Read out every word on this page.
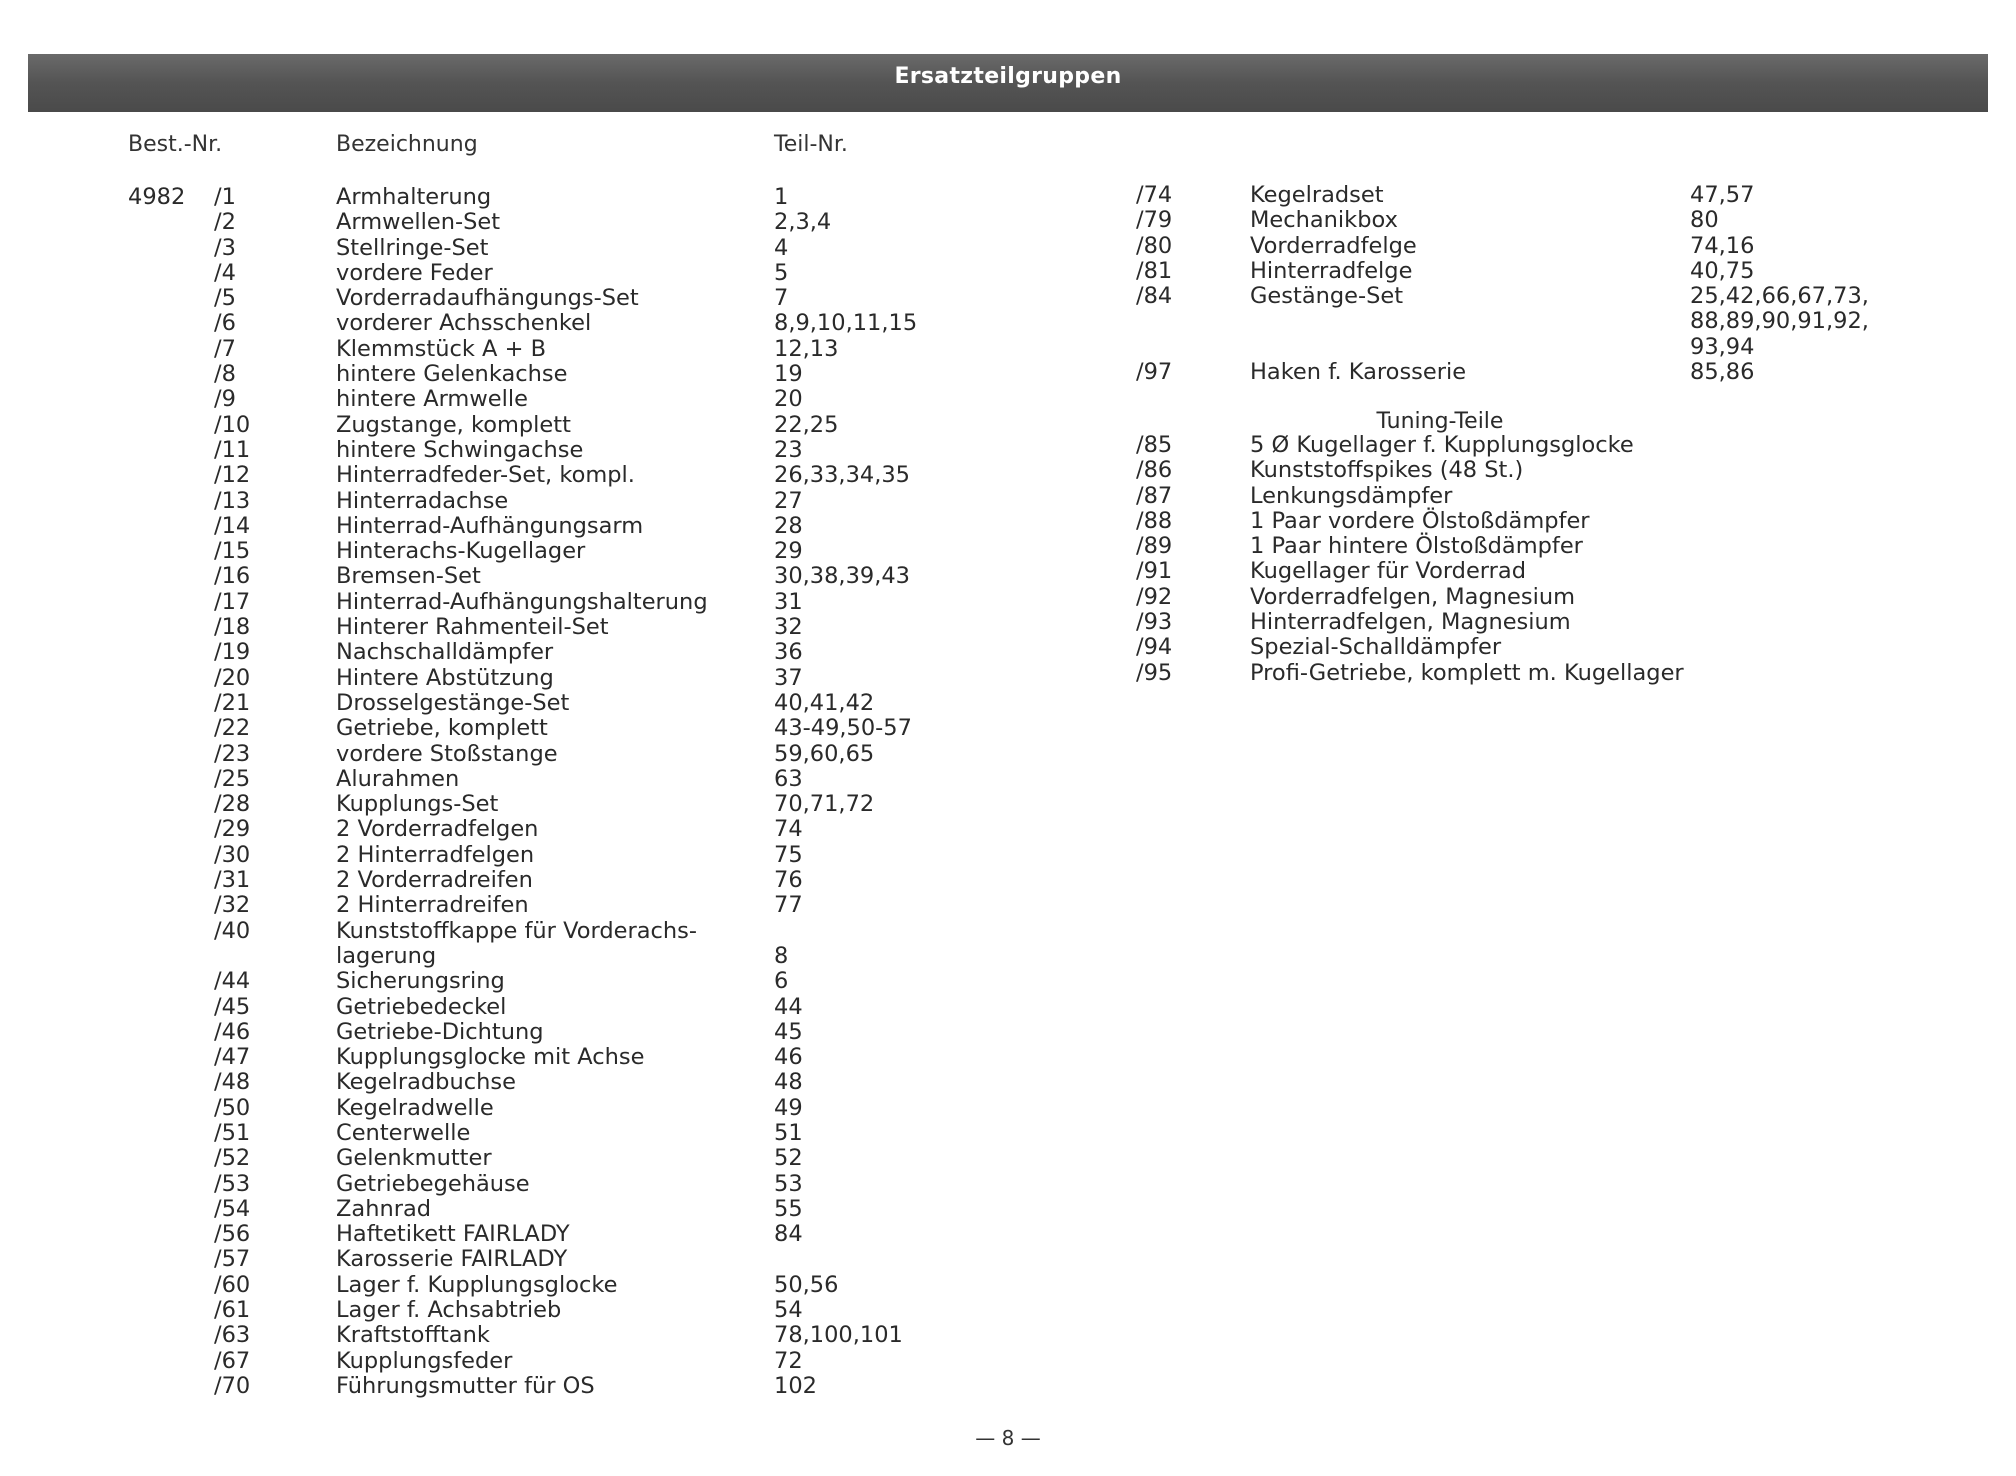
Ersatzteilgruppen
Best.-Nr.	Bezeichnung	Teil-Nr.
4982 /1
/2
/3
/4
/5
/6
/7
/8
/9
/10
/11
/12
/13
/14
/15
/16
/17
/18
/19
/20
/21
/22
/23
/25
/28
/29
/30
/31
/32
/40
/44
/45
/46
/47
/48
/50
/51
/52
/53
/54
/56
/57
/60
/61
/63
/67
/70
Armhalterung
Armwellen-Set
Stellringe-Set
vordere Feder
Vorderradaufhängungs-Set
vorderer Achsschenkel
Klemmstück A + B
hintere Gelenkachse
hintere Armwelle
Zugstange, komplett
hintere Schwingachse
Hinterradfeder-Set, kompl.
Hinterradachse
Hinterrad-Aufhängungsarm
Hinterachs-Kugellager
Bremsen-Set
Hinterrad-Aufhängungshalterung
Hinterer Rahmenteil-Set
Nachschalldämpfer
Hintere Abstützung
Drosselgestänge-Set
Getriebe, komplett
vordere Stoßstange
Alurahmen
Kupplungs-Set
2 Vorderradfelgen
2 Hinterradfelgen
2 Vorderradreifen
2 Hinterradreifen
Kunststoffkappe für Vorderachs-
lagerung
Sicherungsring
Getriebedeckel
Getriebe-Dichtung
Kupplungsglocke mit Achse
Kegelradbuchse
Kegelradwelle
Centerwelle
Gelenkmutter
Getriebegehäuse
Zahnrad
Haftetikett FAIRLADY
Karosserie FAIRLADY
Lager f. Kupplungsglocke
Lager f. Achsabtrieb
Kraftstofftank
Kupplungsfeder
Führungsmutter für OS
1
2,3,4
4
5
7
8,9,10,11,15
12,13
19
20
22,25
23
26,33,34,35
27
28
29
30,38,39,43
31
32
36
37
40,41,42
43-49,50-57
59,60,65
63
70,71,72
74
75
76
77
8
6
44
45
46
48
49
51
52
53
55
84
50,56
54
78,100,101
72
102
/74
/79
/80
/81
/84
/97
Kegelradset
Mechanikbox
Vorderradfelge
Hinterradfelge
Gestänge-Set
Haken f. Karosserie
47,57
80
74,16
40,75
25,42,66,67,73,
88,89,90,91,92,
93,94
85,86
Tuning-Teile
/85
/86
/87
/88
/89
/91
/92
/93
/94
/95
5 Ø Kugellager f. Kupplungsglocke
Kunststoffspikes (48 St.)
Lenkungsdämpfer
1 Paar vordere Ölstoßdämpfer
1 Paar hintere Ölstoßdämpfer
Kugellager für Vorderrad
Vorderradfelgen, Magnesium
Hinterradfelgen, Magnesium
Spezial-Schalldämpfer
Profi-Getriebe, komplett m. Kugellager
— 8 —
